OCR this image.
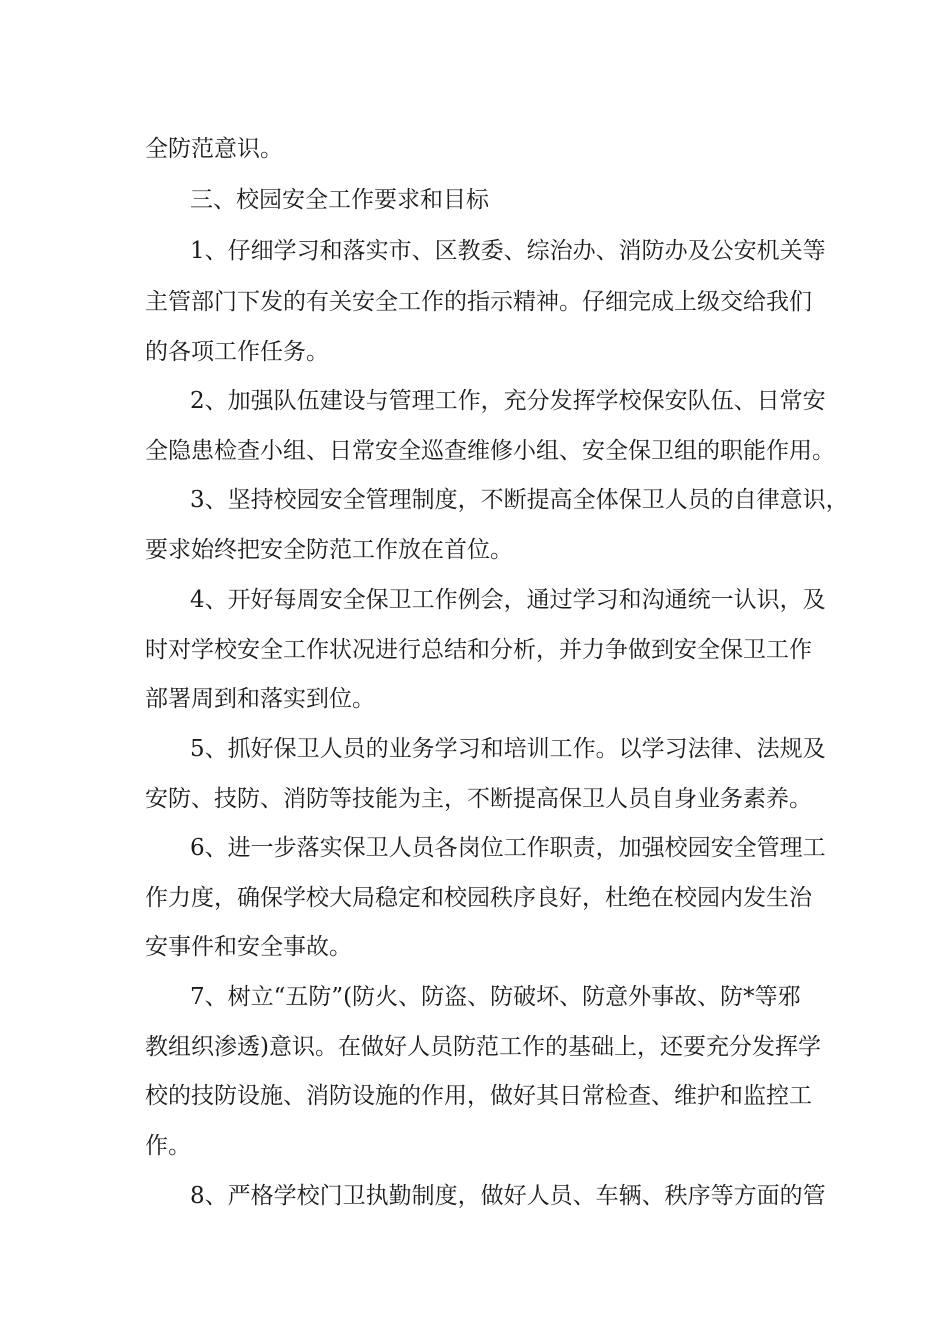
全防范意识。
三、校园安全工作要求和目标
1、仔细学习和落实市、区教委、综治办、消防办及公安机关等
主管部门下发的有关安全工作的指示精神。仔细完成上级交给我们
的各项工作任务。
2、加强队伍建设与管理工作，充分发挥学校保安队伍、日常安
全隐患检查小组、日常安全巡查维修小组、安全保卫组的职能作用。
3、坚持校园安全管理制度，不断提高全体保卫人员的自律意识，
要求始终把安全防范工作放在首位。
4、开好每周安全保卫工作例会，通过学习和沟通统一认识，及
时对学校安全工作状况进行总结和分析，并力争做到安全保卫工作
部署周到和落实到位。
5、抓好保卫人员的业务学习和培训工作。以学习法律、法规及
安防、技防、消防等技能为主，不断提高保卫人员自身业务素养。
6、进一步落实保卫人员各岗位工作职责，加强校园安全管理工
作力度，确保学校大局稳定和校园秩序良好，杜绝在校园内发生治
安事件和安全事故。
7、树立“五防”(防火、防盗、防破坏、防意外事故、防*等邪
教组织渗透)意识。在做好人员防范工作的基础上，还要充分发挥学
校的技防设施、消防设施的作用，做好其日常检查、维护和监控工
作。
8、严格学校门卫执勤制度，做好人员、车辆、秩序等方面的管
